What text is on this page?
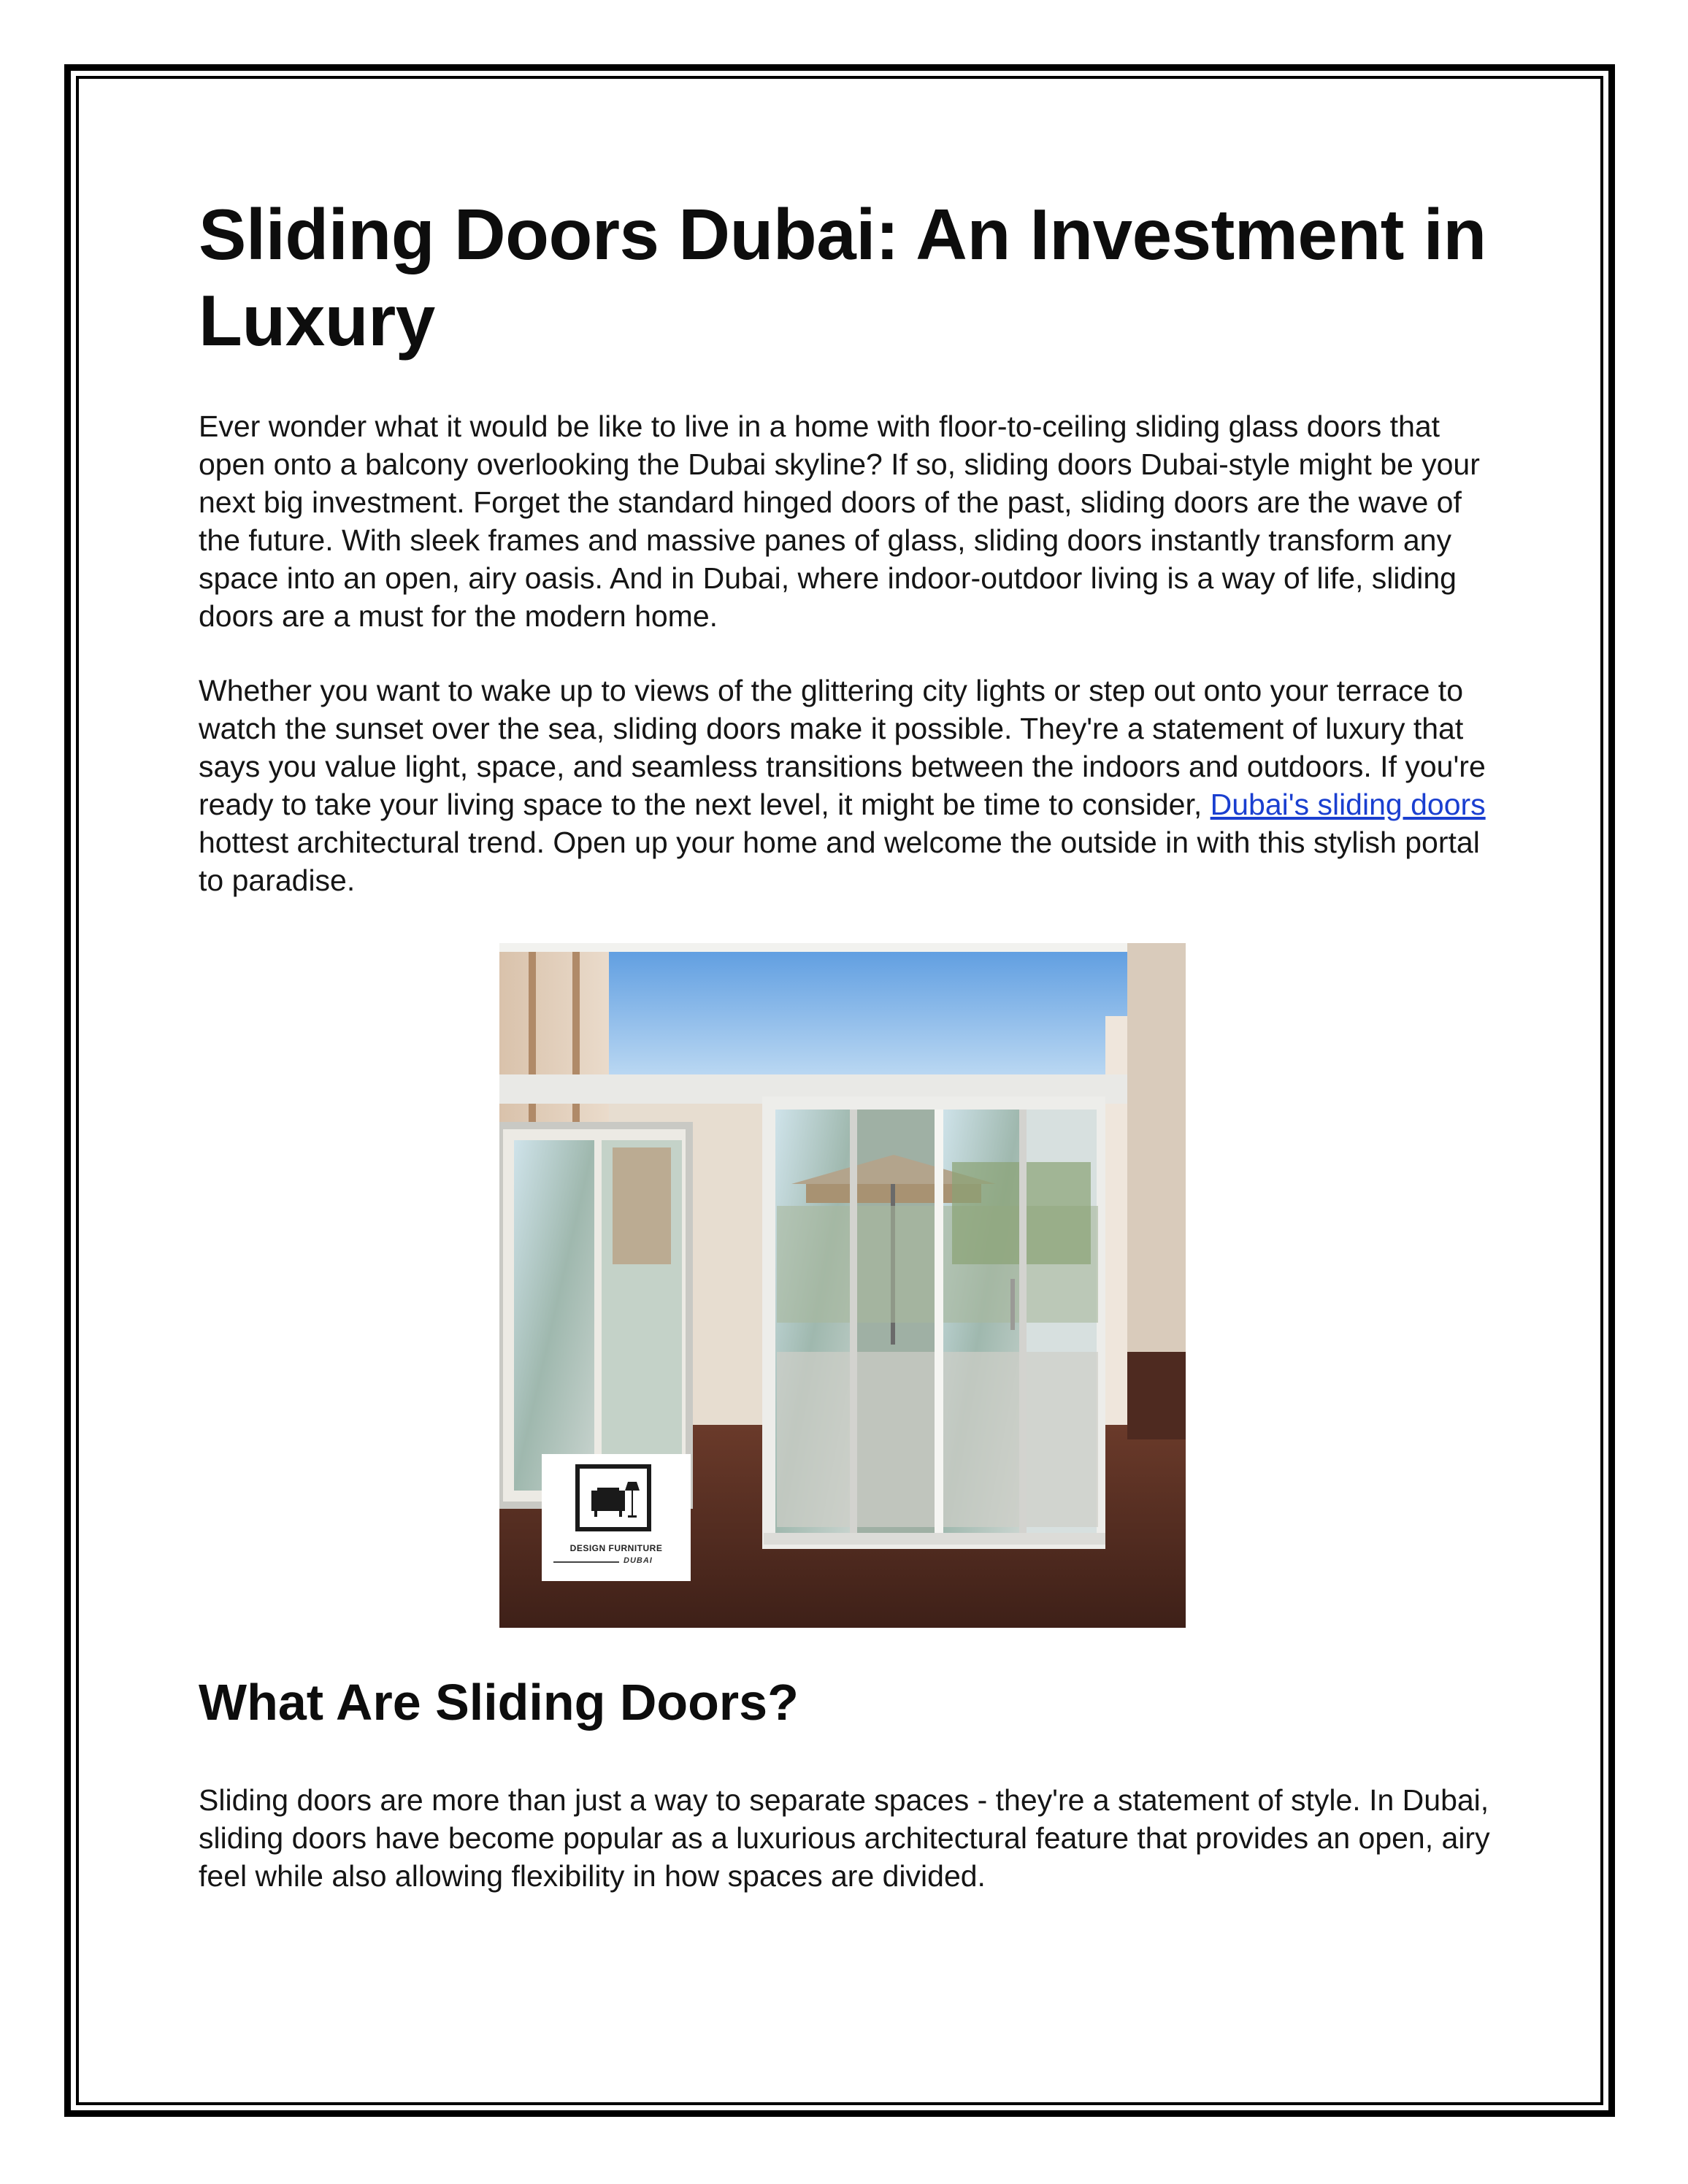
Sliding Doors Dubai: An Investment in Luxury

Ever wonder what it would be like to live in a home with floor-to-ceiling sliding glass doors that open onto a balcony overlooking the Dubai skyline? If so, sliding doors Dubai-style might be your next big investment. Forget the standard hinged doors of the past, sliding doors are the wave of the future. With sleek frames and massive panes of glass, sliding doors instantly transform any space into an open, airy oasis. And in Dubai, where indoor-outdoor living is a way of life, sliding doors are a must for the modern home.

Whether you want to wake up to views of the glittering city lights or step out onto your terrace to watch the sunset over the sea, sliding doors make it possible. They're a statement of luxury that says you value light, space, and seamless transitions between the indoors and outdoors. If you're ready to take your living space to the next level, it might be time to consider, Dubai's sliding doors hottest architectural trend. Open up your home and welcome the outside in with this stylish portal to paradise.

What Are Sliding Doors?

Sliding doors are more than just a way to separate spaces - they're a statement of style. In Dubai, sliding doors have become popular as a luxurious architectural feature that provides an open, airy feel while also allowing flexibility in how spaces are divided.

DESIGN FURNITURE
DUBAI
